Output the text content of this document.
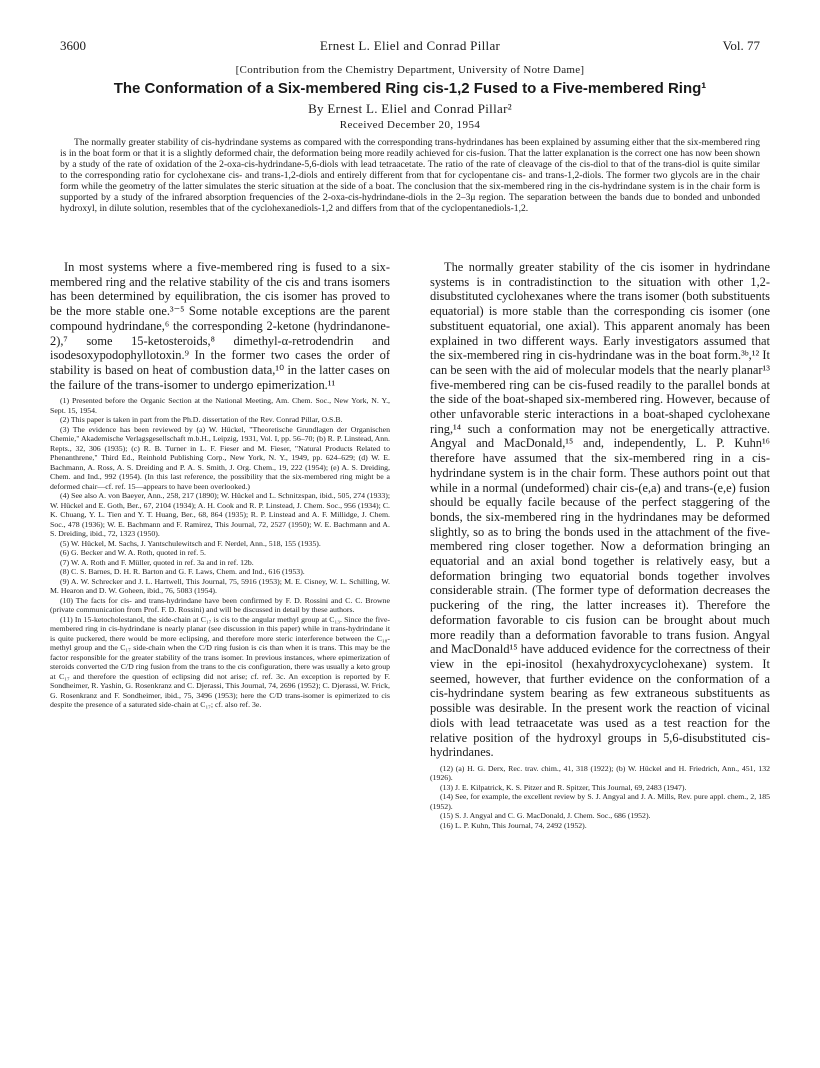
3600	Ernest L. Eliel and Conrad Pillar	Vol. 77
[Contribution from the Chemistry Department, University of Notre Dame]
The Conformation of a Six-membered Ring cis-1,2 Fused to a Five-membered Ring¹
By Ernest L. Eliel and Conrad Pillar²
Received December 20, 1954

The normally greater stability of cis-hydrindane systems as compared with the corresponding trans-hydrindanes has been explained by assuming either that the six-membered ring is in the boat form or that it is a slightly deformed chair, the deformation being more readily achieved for cis-fusion. That the latter explanation is the correct one has now been shown by a study of the rate of oxidation of the 2-oxa-cis-hydrindane-5,6-diols with lead tetraacetate. The ratio of the rate of cleavage of the cis-diol to that of the trans-diol is quite similar to the corresponding ratio for cyclohexane cis- and trans-1,2-diols and entirely different from that for cyclopentane cis- and trans-1,2-diols. The former two glycols are in the chair form while the geometry of the latter simulates the steric situation at the side of a boat. The conclusion that the six-membered ring in the cis-hydrindane system is in the chair form is supported by a study of the infrared absorption frequencies of the 2-oxa-cis-hydrindane-diols in the 2–3μ region. The separation between the bands due to bonded and unbonded hydroxyl, in dilute solution, resembles that of the cyclohexanediols-1,2 and differs from that of the cyclopentanediols-1,2.

In most systems where a five-membered ring is fused to a six-membered ring and the relative stability of the cis and trans isomers has been determined by equilibration, the cis isomer has proved to be the more stable one.³⁻⁵ Some notable exceptions are the parent compound hydrindane,⁶ the corresponding 2-ketone (hydrindanone-2),⁷ some 15-ketosteroids,⁸ dimethyl-α-retrodendrin and isodesoxypodophyllotoxin.⁹ In the former two cases the order of stability is based on heat of combustion data,¹⁰ in the latter cases on the failure of the trans-isomer to undergo epimerization.¹¹

(1) Presented before the Organic Section at the National Meeting, Am. Chem. Soc., New York, N. Y., Sept. 15, 1954.

(2) This paper is taken in part from the Ph.D. dissertation of the Rev. Conrad Pillar, O.S.B.

(3) The evidence has been reviewed by (a) W. Hückel, "Theoretische Grundlagen der Organischen Chemie," Akademische Verlagsgesellschaft m.b.H., Leipzig, 1931, Vol. I, pp. 56–70; (b) R. P. Linstead, Ann. Repts., 32, 306 (1935); (c) R. B. Turner in L. F. Fieser and M. Fieser, "Natural Products Related to Phenanthrene," Third Ed., Reinhold Publishing Corp., New York, N. Y., 1949, pp. 624–629; (d) W. E. Bachmann, A. Ross, A. S. Dreiding and P. A. S. Smith, J. Org. Chem., 19, 222 (1954); (e) A. S. Dreiding, Chem. and Ind., 992 (1954). (In this last reference, the possibility that the six-membered ring might be a deformed chair—cf. ref. 15—appears to have been overlooked.)

(4) See also A. von Baeyer, Ann., 258, 217 (1890); W. Hückel and L. Schnitzspan, ibid., 505, 274 (1933); W. Hückel and E. Goth, Ber., 67, 2104 (1934); A. H. Cook and R. P. Linstead, J. Chem. Soc., 956 (1934); C. K. Chuang, Y. L. Tien and Y. T. Huang, Ber., 68, 864 (1935); R. P. Linstead and A. F. Millidge, J. Chem. Soc., 478 (1936); W. E. Bachmann and F. Ramirez, This Journal, 72, 2527 (1950); W. E. Bachmann and A. S. Dreiding, ibid., 72, 1323 (1950).

(5) W. Hückel, M. Sachs, J. Yantschulewitsch and F. Nerdel, Ann., 518, 155 (1935).

(6) G. Becker and W. A. Roth, quoted in ref. 5.

(7) W. A. Roth and F. Müller, quoted in ref. 3a and in ref. 12b.

(8) C. S. Barnes, D. H. R. Barton and G. F. Laws, Chem. and Ind., 616 (1953).

(9) A. W. Schrecker and J. L. Hartwell, This Journal, 75, 5916 (1953); M. E. Cisney, W. L. Schilling, W. M. Hearon and D. W. Goheen, ibid., 76, 5083 (1954).

(10) The facts for cis- and trans-hydrindane have been confirmed by F. D. Rossini and C. C. Browne (private communication from Prof. F. D. Rossini) and will be discussed in detail by these authors.

(11) In 15-ketocholestanol, the side-chain at C₁₇ is cis to the angular methyl group at C₁₃. Since the five-membered ring in cis-hydrindane is nearly planar (see discussion in this paper) while in trans-hydrindane it is quite puckered, there would be more eclipsing, and therefore more steric interference between the C₁₈-methyl group and the C₁₇ side-chain when the C/D ring fusion is cis than when it is trans. This may be the factor responsible for the greater stability of the trans isomer. In previous instances, where epimerization of steroids converted the C/D ring fusion from the trans to the cis configuration, there was usually a keto group at C₁₇ and therefore the question of eclipsing did not arise; cf. ref. 3c. An exception is reported by F. Sondheimer, R. Yashin, G. Rosenkranz and C. Djerassi, This Journal, 74, 2696 (1952); C. Djerassi, W. Frick, G. Rosenkranz and F. Sondheimer, ibid., 75, 3496 (1953); here the C/D trans-isomer is epimerized to cis despite the presence of a saturated side-chain at C₁₇; cf. also ref. 3e.

The normally greater stability of the cis isomer in hydrindane systems is in contradistinction to the situation with other 1,2-disubstituted cyclohexanes where the trans isomer (both substituents equatorial) is more stable than the corresponding cis isomer (one substituent equatorial, one axial). This apparent anomaly has been explained in two different ways. Early investigators assumed that the six-membered ring in cis-hydrindane was in the boat form.³ᵇ,¹² It can be seen with the aid of molecular models that the nearly planar¹³ five-membered ring can be cis-fused readily to the parallel bonds at the side of the boat-shaped six-membered ring. However, because of other unfavorable steric interactions in a boat-shaped cyclohexane ring,¹⁴ such a conformation may not be energetically attractive. Angyal and MacDonald,¹⁵ and, independently, L. P. Kuhn¹⁶ therefore have assumed that the six-membered ring in a cis-hydrindane system is in the chair form. These authors point out that while in a normal (undeformed) chair cis-(e,a) and trans-(e,e) fusion should be equally facile because of the perfect staggering of the bonds, the six-membered ring in the hydrindanes may be deformed slightly, so as to bring the bonds used in the attachment of the five-membered ring closer together. Now a deformation bringing an equatorial and an axial bond together is relatively easy, but a deformation bringing two equatorial bonds together involves considerable strain. (The former type of deformation decreases the puckering of the ring, the latter increases it). Therefore the deformation favorable to cis fusion can be brought about much more readily than a deformation favorable to trans fusion. Angyal and MacDonald¹⁵ have adduced evidence for the correctness of their view in the epi-inositol (hexahydroxycyclohexane) system. It seemed, however, that further evidence on the conformation of a cis-hydrindane system bearing as few extraneous substituents as possible was desirable. In the present work the reaction of vicinal diols with lead tetraacetate was used as a test reaction for the relative position of the hydroxyl groups in 5,6-disubstituted cis-hydrindanes.

(12) (a) H. G. Derx, Rec. trav. chim., 41, 318 (1922); (b) W. Hückel and H. Friedrich, Ann., 451, 132 (1926).

(13) J. E. Kilpatrick, K. S. Pitzer and R. Spitzer, This Journal, 69, 2483 (1947).

(14) See, for example, the excellent review by S. J. Angyal and J. A. Mills, Rev. pure appl. chem., 2, 185 (1952).

(15) S. J. Angyal and C. G. MacDonald, J. Chem. Soc., 686 (1952).

(16) L. P. Kuhn, This Journal, 74, 2492 (1952).
